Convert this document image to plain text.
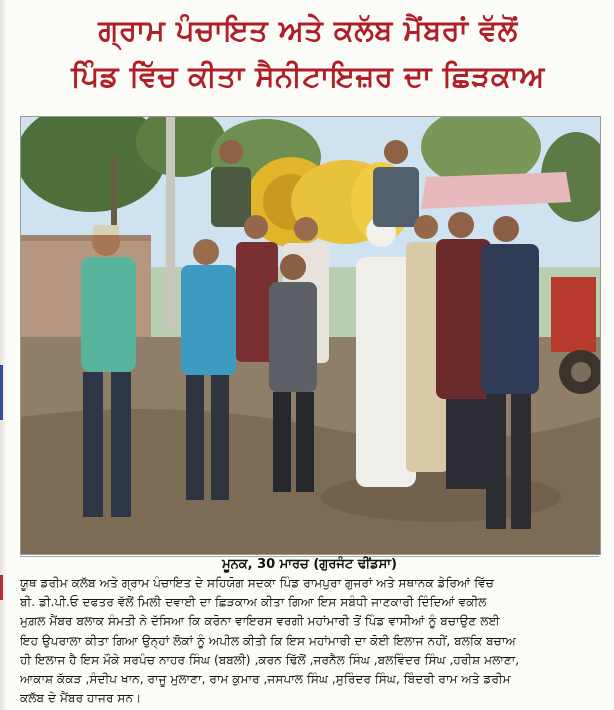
ਗ੍ਰਾਮ ਪੰਚਾਇਤ ਅਤੇ ਕਲੱਬ ਮੈਂਬਰਾਂ ਵੱਲੋਂ
ਪਿੰਡ ਵਿੱਚ ਕੀਤਾ ਸੈਨੀਟਾਇਜ਼ਰ ਦਾ ਛਿੜਕਾਅ
ਮੂਨਕ, 30 ਮਾਰਚ (ਗੁਰਜੰਟ ਢੀਂਡਸਾ)
ਯੂਥ ਡਰੀਮ ਕਲੱਬ ਅਤੇ ਗ੍ਰਾਮ ਪੰਚਾਇਤ ਦੇ ਸਹਿਯੋਗ ਸਦਕਾ ਪਿੰਡ ਰਾਮਪੁਰਾ ਗੁਜਰਾਂ ਅਤੇ ਸਥਾਨਕ ਡੇਰਿਆਂ ਵਿੱਚ
ਬੀ. ਡੀ.ਪੀ.ਓ ਦਫਤਰ ਵੱਲੋਂ ਮਿਲੀ ਦਵਾਈ ਦਾ ਛਿੜਕਾਅ ਕੀਤਾ ਗਿਆ ਇਸ ਸਬੰਧੀ ਜਾਣਕਾਰੀ ਦਿੰਦਿਆਂ ਵਕੀਲ
ਮੁਗ਼ਲ ਮੈਂਬਰ ਬਲਾਕ ਸੰਮਤੀ ਨੇ ਦੱਸਿਆ ਕਿ ਕਰੋਨਾ ਵਾਇਰਸ ਵਰਗੀ ਮਹਾਂਮਾਰੀ ਤੋਂ ਪਿੰਡ ਵਾਸੀਆਂ ਨੂੰ ਬਚਾਉਣ ਲਈ
ਇਹ ਉਪਰਾਲਾ ਕੀਤਾ ਗਿਆ ਉਨ੍ਹਾਂ ਲੋਕਾਂ ਨੂੰ ਅਪੀਲ ਕੀਤੀ ਕਿ ਇਸ ਮਹਾਂਮਾਰੀ ਦਾ ਕੋਈ ਇਲਾਜ ਨਹੀਂ, ਬਲਕਿ ਬਚਾਅ
ਹੀ ਇਲਾਜ ਹੈ ਇਸ ਮੌਕੇ ਸਰਪੰਚ ਨਾਹਰ ਸਿੰਘ (ਬਬਲੀ) ,ਕਰਨ ਢਿੱਲੋਂ ,ਜਰਨੈਲ ਸਿੰਘ ,ਬਲਵਿੰਦਰ ਸਿੰਘ ,ਹਰੀਸ਼ ਮਲਾਣਾ,
ਆਕਾਸ਼ ਕੱਕੜ ,ਸੰਦੀਪ ਖਾਨ, ਰਾਜੂ ਮੁਲਾਣਾ, ਰਾਮ ਕੁਮਾਰ ,ਜਸਪਾਲ ਸਿੰਘ ,ਸੁਰਿੰਦਰ ਸਿੰਘ, ਬਿੰਦਰੀ ਰਾਮ ਅਤੇ ਡਰੀਮ
ਕਲੱਬ ਦੇ ਮੈਂਬਰ ਹਾਜਰ ਸਨ।
